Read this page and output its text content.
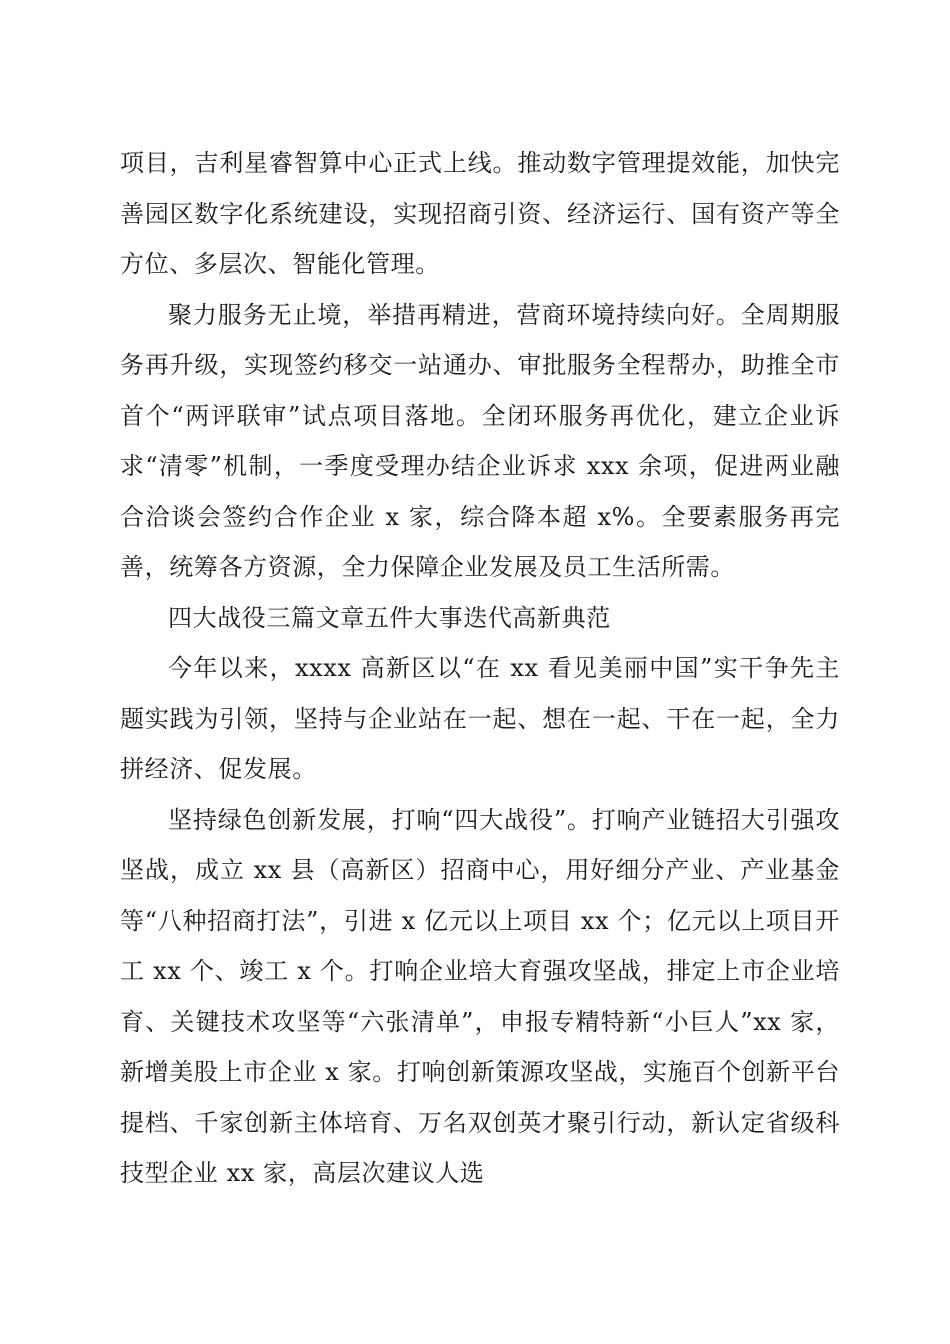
项目，吉利星睿智算中心正式上线。推动数字管理提效能，加快完善园区数字化系统建设，实现招商引资、经济运行、国有资产等全方位、多层次、智能化管理。

聚力服务无止境，举措再精进，营商环境持续向好。全周期服务再升级，实现签约移交一站通办、审批服务全程帮办，助推全市首个“两评联审”试点项目落地。全闭环服务再优化，建立企业诉求“清零”机制，一季度受理办结企业诉求 xxx 余项，促进两业融合洽谈会签约合作企业 x 家，综合降本超 x%。全要素服务再完善，统筹各方资源，全力保障企业发展及员工生活所需。

四大战役三篇文章五件大事迭代高新典范

今年以来，xxxx 高新区以“在 xx 看见美丽中国”实干争先主题实践为引领，坚持与企业站在一起、想在一起、干在一起，全力拼经济、促发展。

坚持绿色创新发展，打响“四大战役”。打响产业链招大引强攻坚战，成立 xx 县（高新区）招商中心，用好细分产业、产业基金等“八种招商打法”，引进 x 亿元以上项目 xx 个；亿元以上项目开工 xx 个、竣工 x 个。打响企业培大育强攻坚战，排定上市企业培育、关键技术攻坚等“六张清单”，申报专精特新“小巨人”xx 家，新增美股上市企业 x 家。打响创新策源攻坚战，实施百个创新平台提档、千家创新主体培育、万名双创英才聚引行动，新认定省级科技型企业 xx 家，高层次建议人选
